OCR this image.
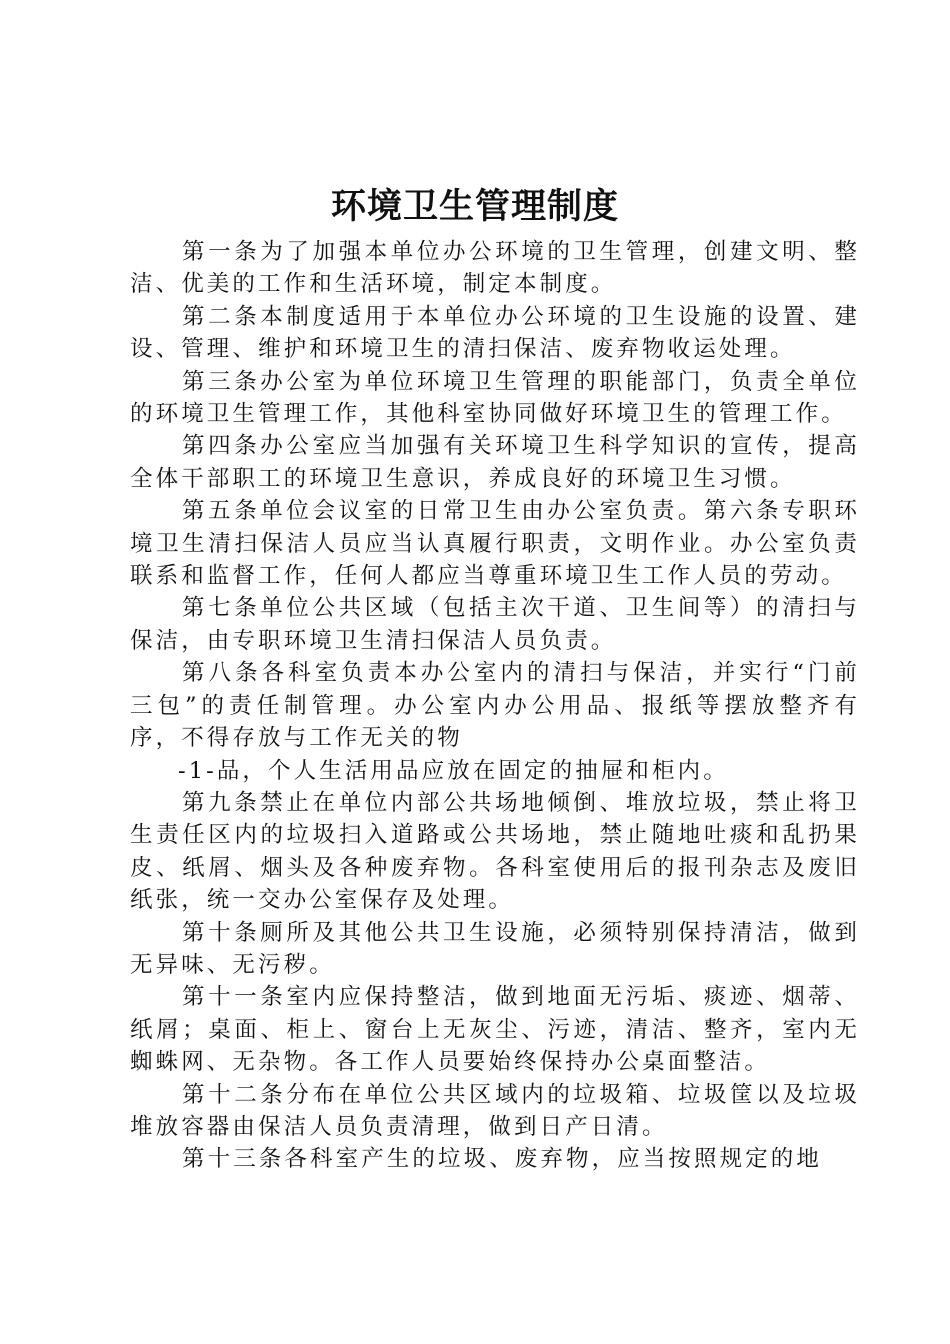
环境卫生管理制度

第一条为了加强本单位办公环境的卫生管理，创建文明、整洁、优美的工作和生活环境，制定本制度。

第二条本制度适用于本单位办公环境的卫生设施的设置、建设、管理、维护和环境卫生的清扫保洁、废弃物收运处理。

第三条办公室为单位环境卫生管理的职能部门，负责全单位的环境卫生管理工作，其他科室协同做好环境卫生的管理工作。

第四条办公室应当加强有关环境卫生科学知识的宣传，提高全体干部职工的环境卫生意识，养成良好的环境卫生习惯。

第五条单位会议室的日常卫生由办公室负责。第六条专职环境卫生清扫保洁人员应当认真履行职责，文明作业。办公室负责联系和监督工作，任何人都应当尊重环境卫生工作人员的劳动。

第七条单位公共区域（包括主次干道、卫生间等）的清扫与保洁，由专职环境卫生清扫保洁人员负责。

第八条各科室负责本办公室内的清扫与保洁，并实行“门前三包”的责任制管理。办公室内办公用品、报纸等摆放整齐有序，不得存放与工作无关的物

-1-品，个人生活用品应放在固定的抽屉和柜内。

第九条禁止在单位内部公共场地倾倒、堆放垃圾，禁止将卫生责任区内的垃圾扫入道路或公共场地，禁止随地吐痰和乱扔果皮、纸屑、烟头及各种废弃物。各科室使用后的报刊杂志及废旧纸张，统一交办公室保存及处理。

第十条厕所及其他公共卫生设施，必须特别保持清洁，做到无异味、无污秽。

第十一条室内应保持整洁，做到地面无污垢、痰迹、烟蒂、纸屑；桌面、柜上、窗台上无灰尘、污迹，清洁、整齐，室内无蜘蛛网、无杂物。各工作人员要始终保持办公桌面整洁。

第十二条分布在单位公共区域内的垃圾箱、垃圾筐以及垃圾堆放容器由保洁人员负责清理，做到日产日清。

第十三条各科室产生的垃圾、废弃物，应当按照规定的地
